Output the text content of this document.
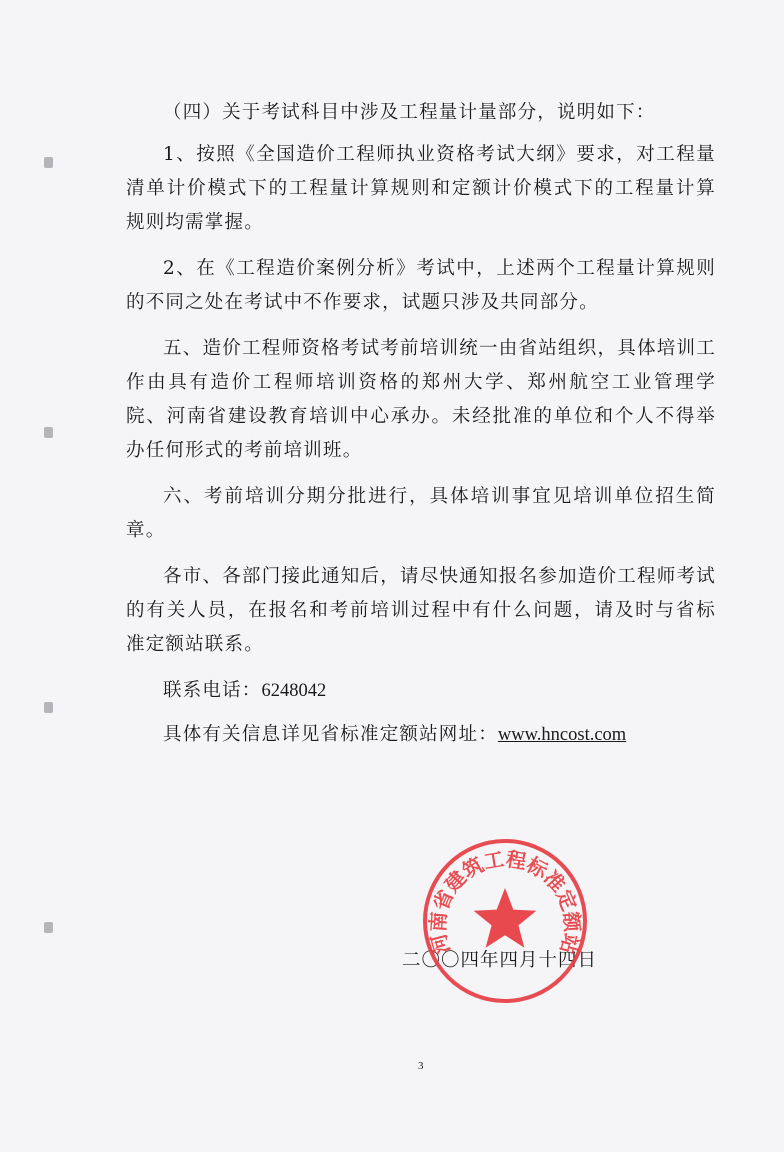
（四）关于考试科目中涉及工程量计量部分，说明如下：

1、按照《全国造价工程师执业资格考试大纲》要求，对工程量清单计价模式下的工程量计算规则和定额计价模式下的工程量计算规则均需掌握。

2、在《工程造价案例分析》考试中，上述两个工程量计算规则的不同之处在考试中不作要求，试题只涉及共同部分。

五、造价工程师资格考试考前培训统一由省站组织，具体培训工作由具有造价工程师培训资格的郑州大学、郑州航空工业管理学院、河南省建设教育培训中心承办。未经批准的单位和个人不得举办任何形式的考前培训班。

六、考前培训分期分批进行，具体培训事宜见培训单位招生简章。

各市、各部门接此通知后，请尽快通知报名参加造价工程师考试的有关人员，在报名和考前培训过程中有什么问题，请及时与省标准定额站联系。

联系电话：6248042

具体有关信息详见省标准定额站网址：www.hncost.com

二〇〇四年四月十四日
河南省建筑工程标准定额站
3
